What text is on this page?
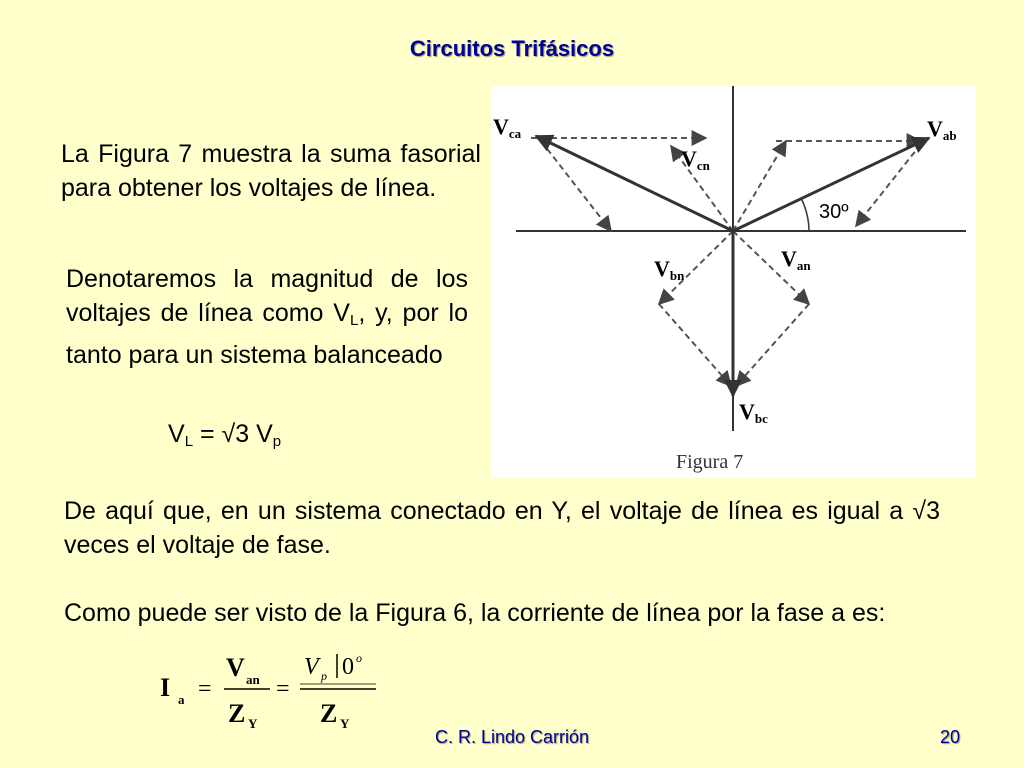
Circuitos Trifásicos
La Figura 7 muestra la suma fasorial para obtener los voltajes de línea.
Denotaremos la magnitud de los voltajes de línea como $V_L$, y, por lo tanto para un sistema balanceado
$V_L = √3$ $V_p$
Vca	Vab
Vcn
Van
Vbn
Vbc
30º
Figura 7
De aquí que, en un sistema conectado en Y, el voltaje de línea es igual a √3 veces el voltaje de fase.
Como puede ser visto de la Figura 6, la corriente de línea por la fase a es:
I a =
V an
Z Y
=
V p 0 o
Z Y
C. R. Lindo Carrión	20
